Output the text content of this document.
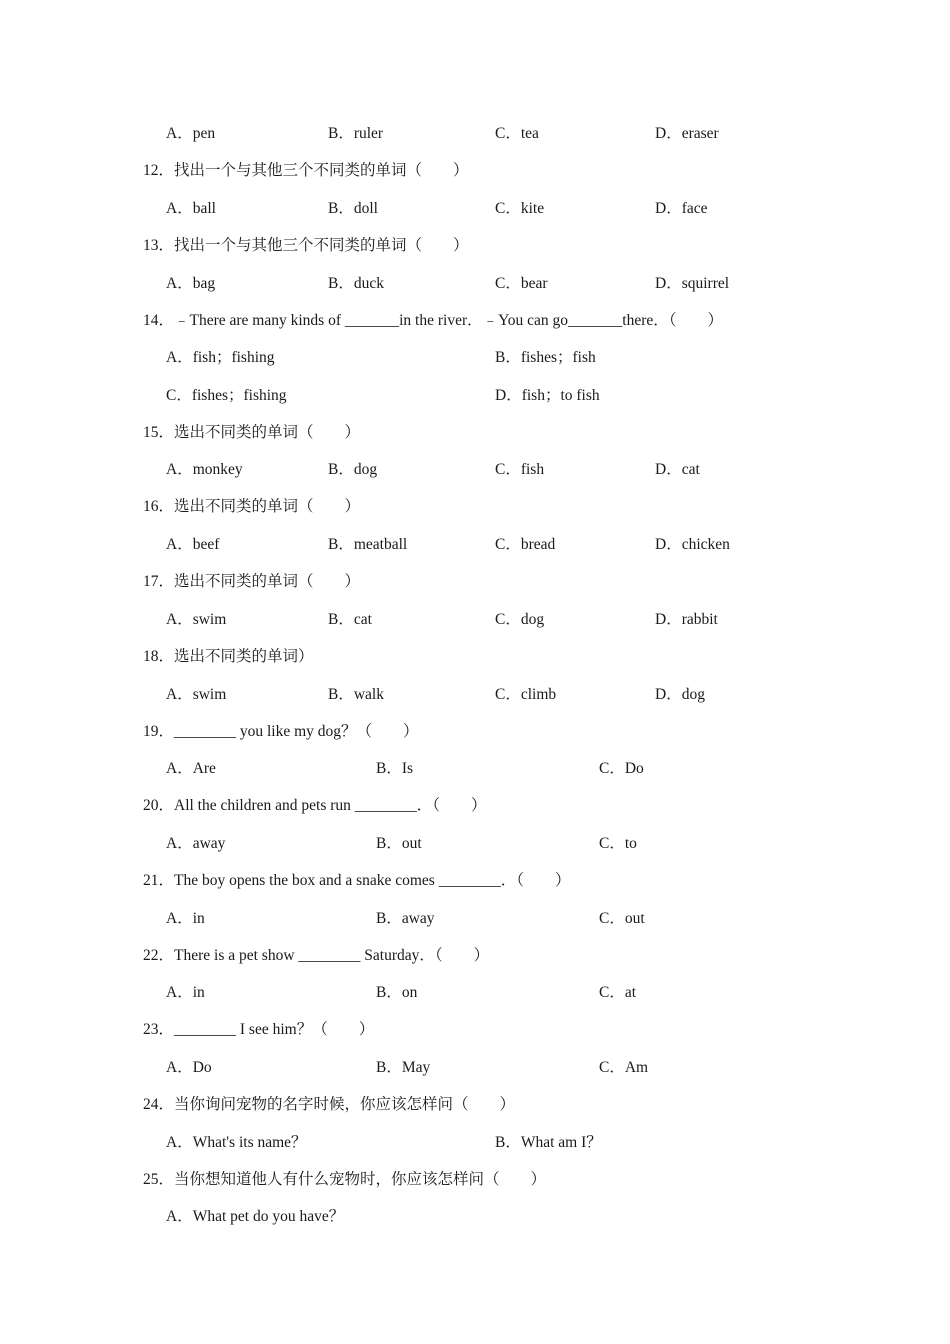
A．pen	B．ruler	C．tea	D．eraser
12．找出一个与其他三个不同类的单词（　　）
A．ball	B．doll	C．kite	D．face
13．找出一个与其他三个不同类的单词（　　）
A．bag	B．duck	C．bear	D．squirrel
14．﹣There are many kinds of _______in the river．﹣You can go_______there．（　　）
A．fish；fishing	B．fishes；fish
C．fishes；fishing	D．fish；to fish
15．选出不同类的单词（　　）
A．monkey	B．dog	C．fish	D．cat
16．选出不同类的单词（　　）
A．beef	B．meatball	C．bread	D．chicken
17．选出不同类的单词（　　）
A．swim	B．cat	C．dog	D．rabbit
18．选出不同类的单词）
A．swim	B．walk	C．climb	D．dog
19．________ you like my dog？（　　）
A．Are	B．Is	C．Do
20．All the children and pets run ________．（　　）
A．away	B．out	C．to
21．The boy opens the box and a snake comes ________．（　　）
A．in	B．away	C．out
22．There is a pet show ________ Saturday．（　　）
A．in	B．on	C．at
23．________ I see him？（　　）
A．Do	B．May	C．Am
24．当你询问宠物的名字时候，你应该怎样问（　　）
A．What's its name？	B．What am I？
25．当你想知道他人有什么宠物时，你应该怎样问（　　）
A．What pet do you have？
